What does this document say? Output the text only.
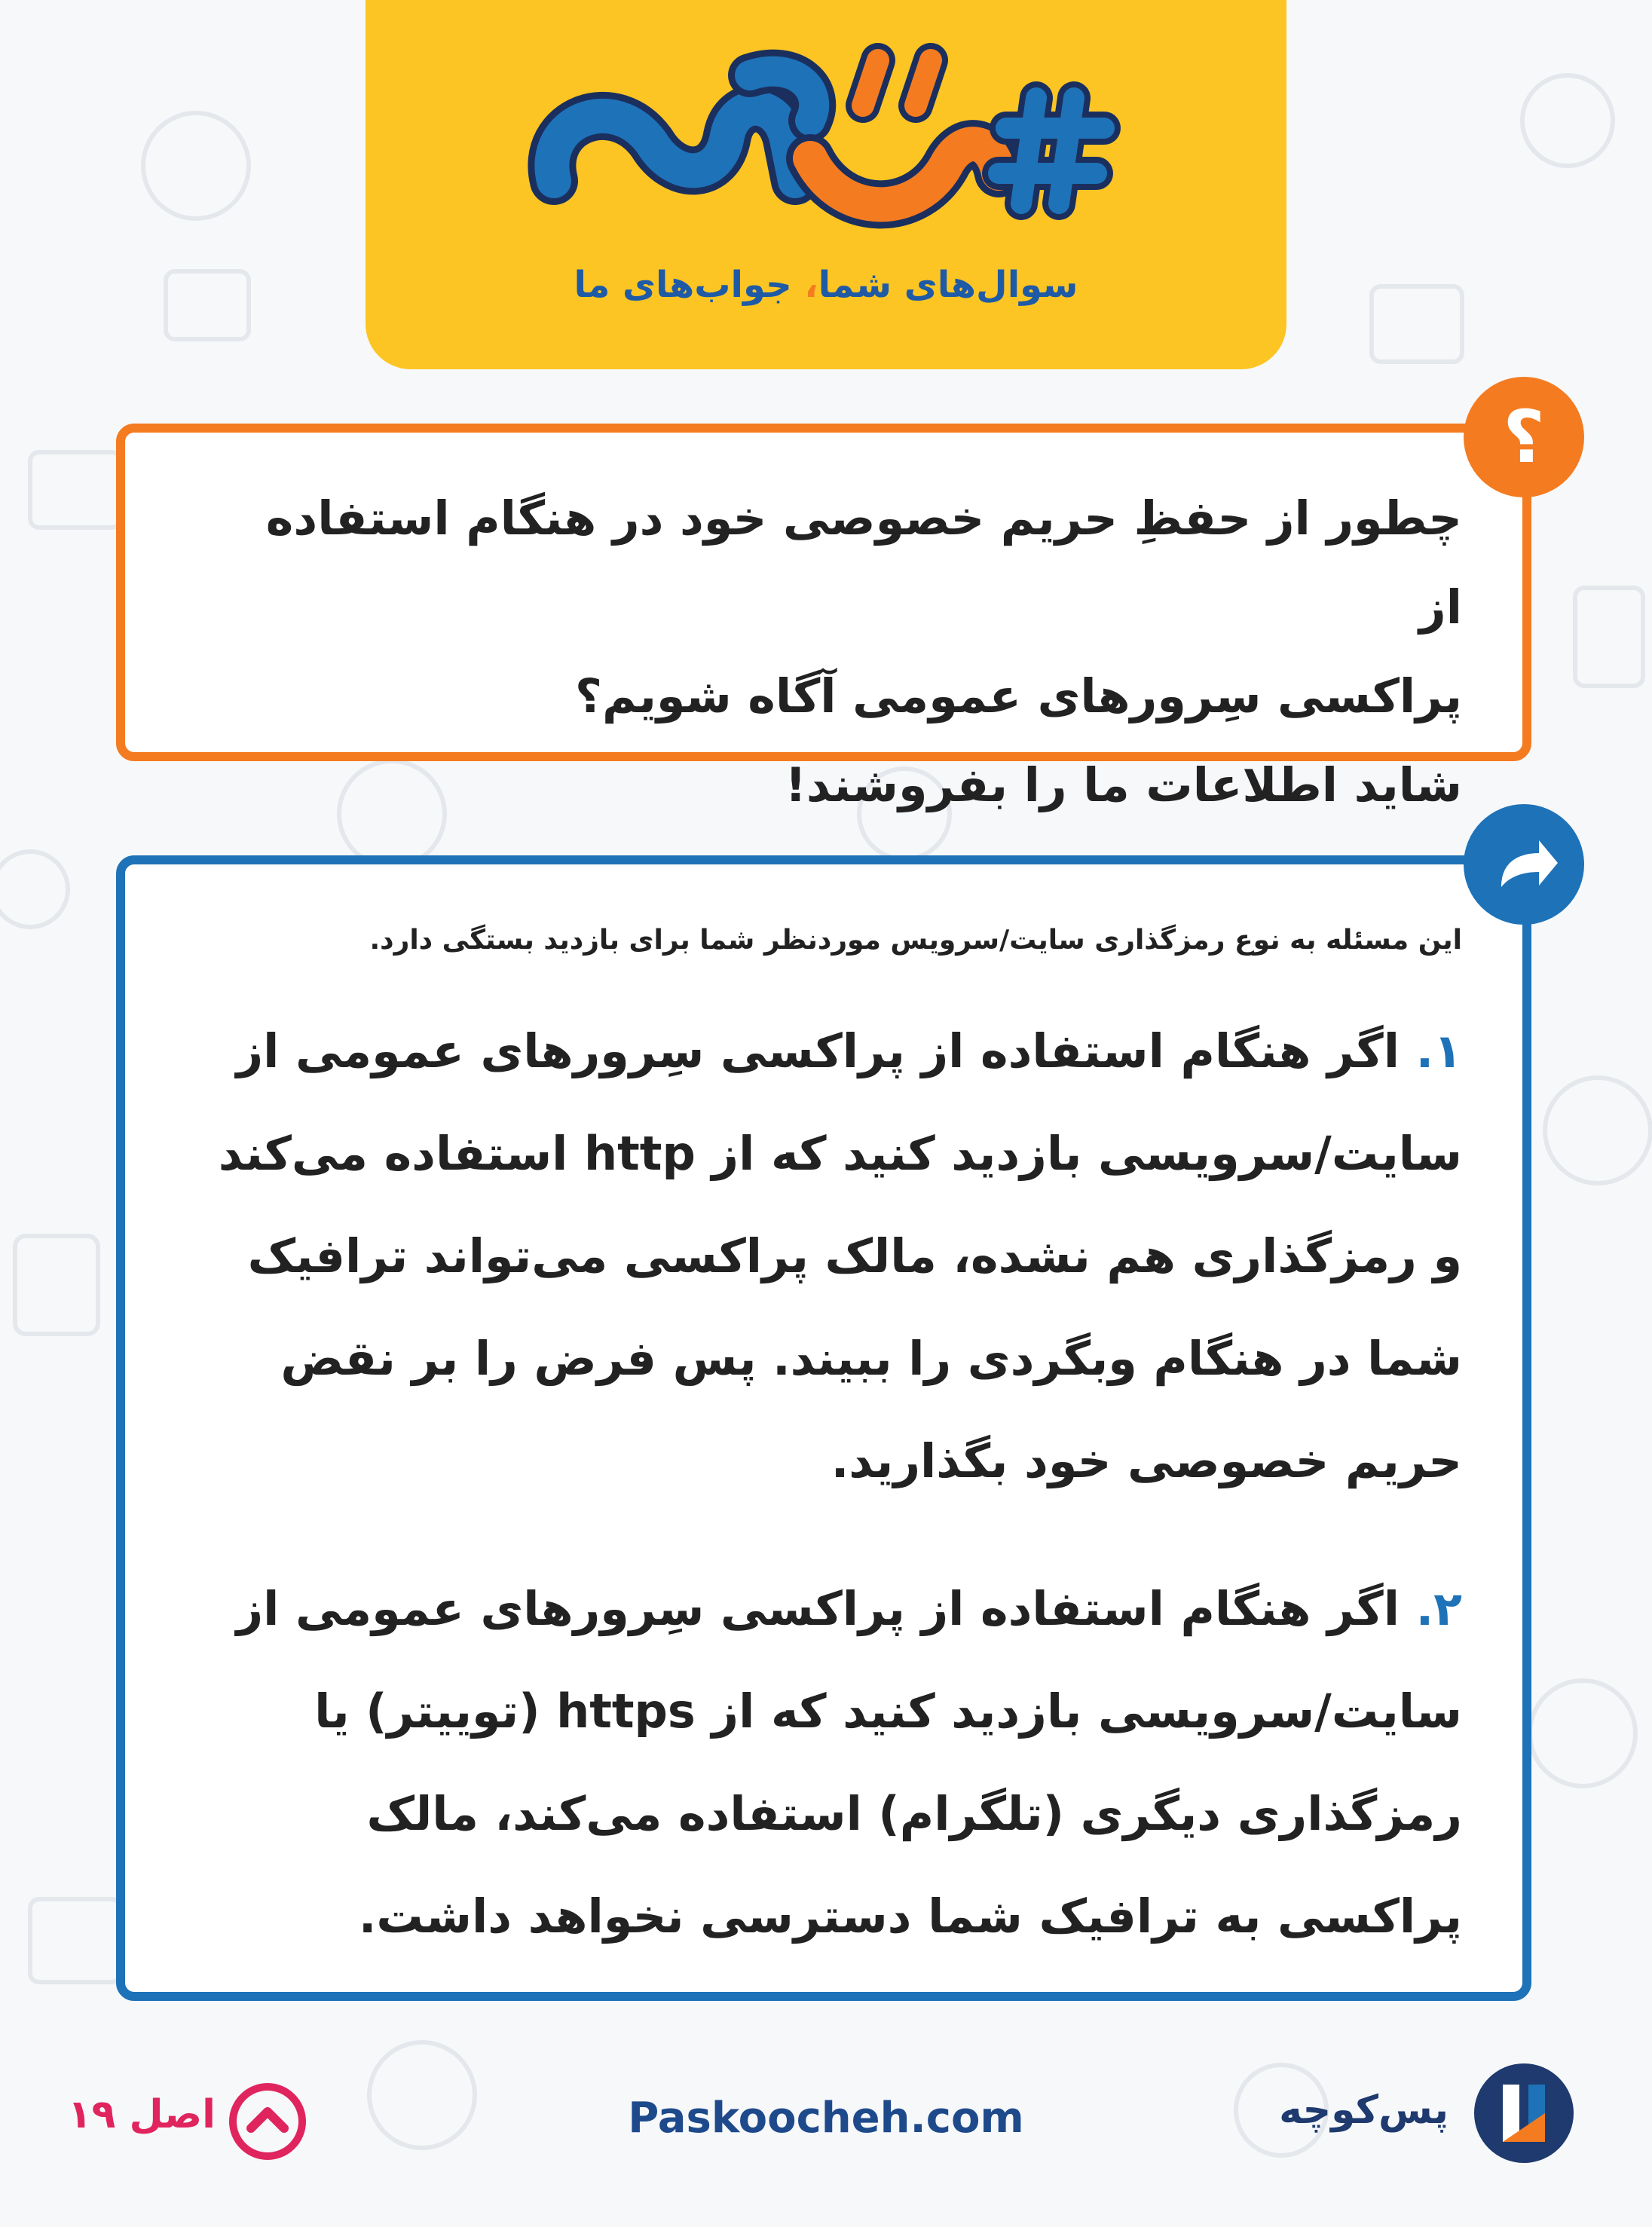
سوال‌های شما، جواب‌های ما
؟
چطور از حفظِ حریم خصوصی خود در هنگام استفاده از
پراکسی سِرورهای عمومی آگاه شویم؟
شاید اطلاعات ما را بفروشند!
این مسئله به نوع رمزگذاری سایت/سرویس موردنظر شما برای بازدید بستگی دارد.
۱. اگر هنگام استفاده از پراکسی سِرورهای عمومی از سایت/سرویسی بازدید کنید که از http استفاده می‌کند و رمزگذاری هم نشده، مالک پراکسی می‌تواند ترافیک شما در هنگام وبگردی را ببیند. پس فرض را بر نقض حریم خصوصی خود بگذارید.
۲. اگر هنگام استفاده از پراکسی سِرورهای عمومی از سایت/سرویسی بازدید کنید که از https (توییتر) یا رمزگذاری دیگری (تلگرام) استفاده می‌کند، مالک پراکسی به ترافیک شما دسترسی نخواهد داشت.
پس‌کوچه
Paskoocheh.com
اصل ۱۹
